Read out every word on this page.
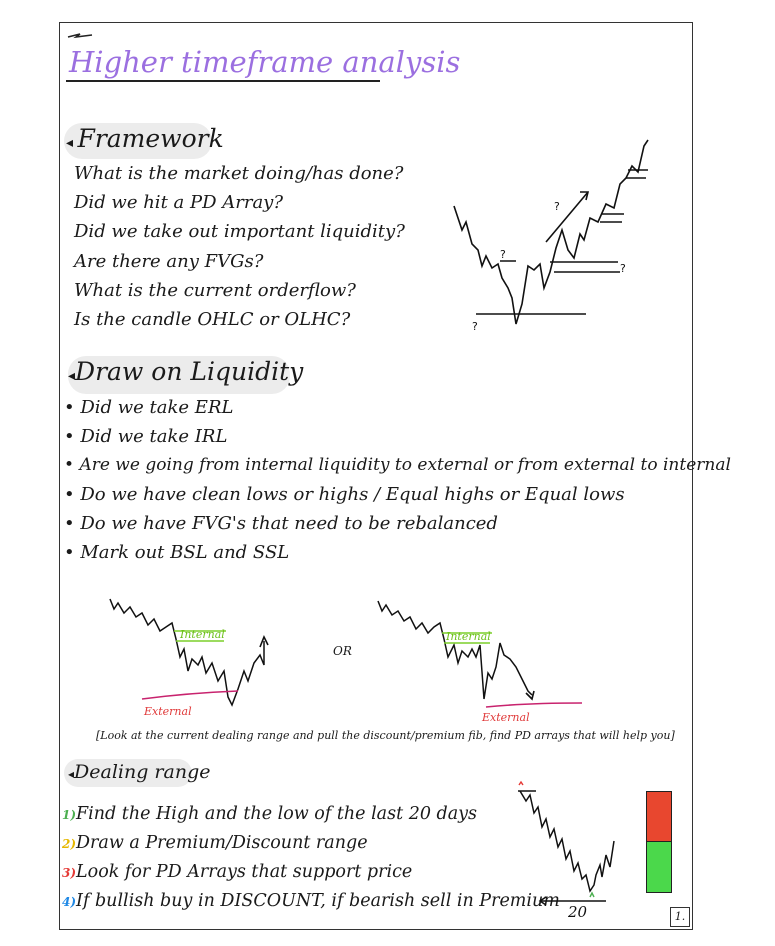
Higher timeframe analysis
◂ Framework
What is the market doing/has done?
Did we hit a PD Array?
Did we take out important liquidity?
Are there any FVGs?
What is the current orderflow?
Is the candle OHLC or OLHC?
?
?
?
?
◂Draw on Liquidity
• Did we take ERL
• Did we take IRL
• Are we going from internal liquidity to external or from external to internal
• Do we have clean lows or highs / Equal highs or Equal lows
• Do we have FVG's that need to be rebalanced
• Mark out BSL and SSL
Internal
External
OR
Internal
External
[Look at the current dealing range and pull the discount/premium fib, find PD arrays that will help you]
◂Dealing range
1)Find the High and the low of the last 20 days
2)Draw a Premium/Discount range
3)Look for PD Arrays that support price
4)If bullish buy in DISCOUNT, if bearish sell in Premium
20	1.
